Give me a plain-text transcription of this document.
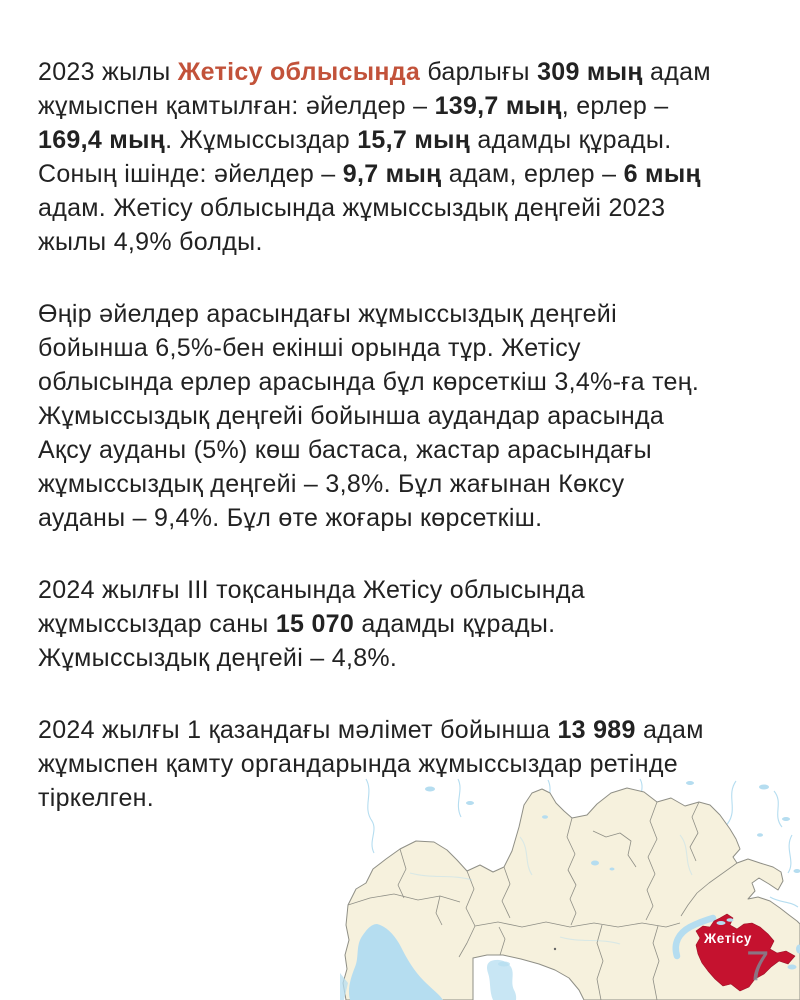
2023 жылы Жетісу облысында барлығы 309 мың адам
жұмыспен қамтылған: әйелдер – 139,7 мың, ерлер –
169,4 мың. Жұмыссыздар 15,7 мың адамды құрады.
Соның ішінде: әйелдер – 9,7 мың адам, ерлер – 6 мың
адам. Жетісу облысында жұмыссыздық деңгейі 2023
жылы 4,9% болды.

Өңір әйелдер арасындағы жұмыссыздық деңгейі
бойынша 6,5%-бен екінші орында тұр. Жетісу
облысында ерлер арасында бұл көрсеткіш 3,4%-ға тең.
Жұмыссыздық деңгейі бойынша аудандар арасында
Ақсу ауданы (5%) көш бастаса, жастар арасындағы
жұмыссыздық деңгейі – 3,8%. Бұл жағынан Көксу
ауданы – 9,4%. Бұл өте жоғары көрсеткіш.

2024 жылғы III тоқсанында Жетісу облысында
жұмыссыздар саны 15 070 адамды құрады.
Жұмыссыздық деңгейі – 4,8%.

2024 жылғы 1 қазандағы мәлімет бойынша 13 989 адам
жұмыспен қамту органдарында жұмыссыздар ретінде
тіркелген.

Жетісу
7
